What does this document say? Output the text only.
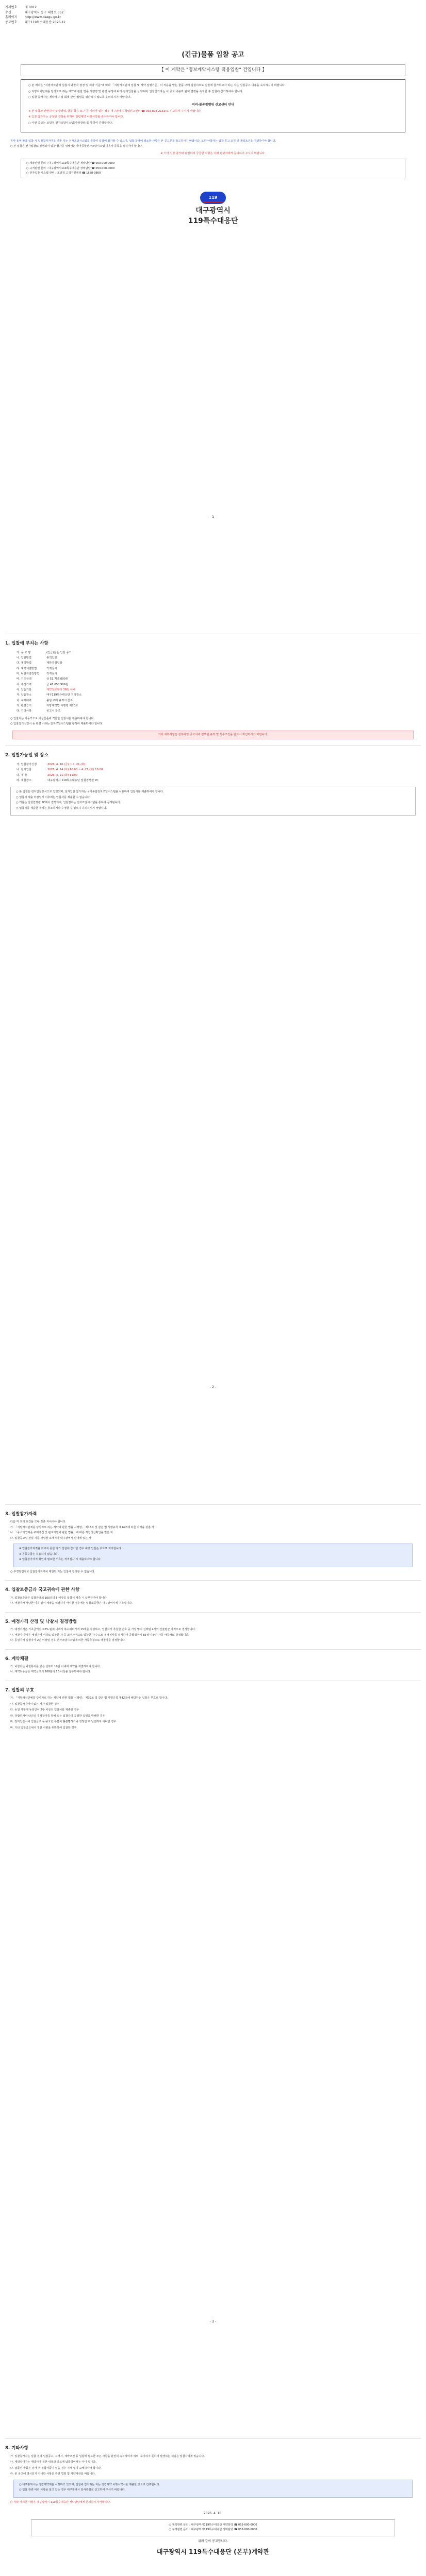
게재번호	제 0012
수신	대구광역시 동구 대명로 352
홈페이지	http://www.daegu.go.kr
공고번호	대구119특수대응단 2026-12
(긴급)물품 입찰 공고
【 이 계약은 "정보계약시스템 적용입찰" 건입니다 】

○ 본 계약은 "지방자치단체 입찰시 낙찰자 결정 및 계약 기준"에 따라 「지방자치단체 입찰 및 계약 집행기준」의 적용을 받는 물품 구매 입찰이므로 입찰에 참가하고자 하는 자는 입찰공고 내용을 숙지하시기 바랍니다.

○ 지방자치단체를 당사자로 하는 계약에 관한 법률 시행령 및 관련 규정에 따라 전자입찰을 실시하며, 입찰참가자는 이 공고 내용과 관계 법령을 숙지한 후 입찰에 참가하여야 합니다.

○ 입찰 참가자는 계약예규 및 회계 관련 법령을 위반하지 않도록 유의하시기 바랍니다.

비리·불공정행위 신고센터 안내

※ 본 입찰과 관련하여 부당행위, 금품·향응 요구 등 비리가 있는 경우 대구광역시 청렴신고센터(☎ 053-803-2131)로 신고하여 주시기 바랍니다.

※ 입찰 참가자는 공정한 경쟁을 위하여 청렴계약 이행서약을 준수하여야 합니다.

○ 이번 공고는 조달청 전자조달시스템(나라장터)을 통하여 진행합니다.

공사·용역·물품 입찰 시 입찰참가자격을 갖춘 자는 전자조달시스템을 통하여 입찰에 참가할 수 있으며, 입찰 참가에 필요한 사항은 본 공고문을 참고하시기 바랍니다. 또한 낙찰자는 입찰 공고 조건 및 계약조건을 이행하여야 합니다.

○ 본 입찰은 전자입찰로 진행되며 입찰 참가를 위해서는 국가종합전자조달시스템 이용자 등록을 필하여야 합니다.

※ 기타 입찰 참가와 관련하여 궁금한 사항은 아래 담당자에게 문의하여 주시기 바랍니다.
○ 계약관련 문의 : 대구광역시119특수대응단 계약담당 ☎ 053-000-0000
○ 규격관련 문의 : 대구광역시119특수대응단 장비담당 ☎ 053-000-0000
○ 전자입찰 시스템 관련 : 조달청 고객지원센터 ☎ 1588-0800
119
대구광역시
119특수대응단
- 1 -
1. 입찰에 부치는 사항
가. 공 고 명	(긴급)물품 입찰 공고
나. 입찰방법	총액입찰
다. 계약방법	제한경쟁입찰
라. 계약체결방법	적격심사
마. 낙찰자결정방법	적격심사
바. 기초금액	금 51,756,000원
사. 추정가격	금 47,050,909원
아. 납품기한	계약일로부터 30일 이내
자. 납품장소	대구119특수대응단 지정장소
차. 구매내역	붙임 구매 규격서 참조
카. 관련근거	지방계약법 시행령 제20조
타. 기타사항	공고서 참조

○ 입찰자는 자동적으로 대상물품에 적합한 입찰서를 제출하여야 합니다.

○ 입찰참가신청서 등 관련 서류는 전자조달시스템을 통하여 제출하여야 합니다.

기타 세부사항은 첨부파일 공고서에 첨부된 규격 및 특수조건을 반드시 확인하시기 바랍니다.
2. 입찰가능일 및 장소
가. 입찰참가신청	2026. 4. 10.(금) ~ 4. 21.(화)
나. 전자입찰	2026. 4. 14.(화) 10:00 ~ 4. 21.(화) 10:00
다. 개 찰	2026. 4. 21.(화) 11:00
라. 개찰장소	대구광역시 119특수대응단 입찰집행관 PC

○ 본 입찰은 전자입찰방식으로 집행되며, 전자입찰 참가자는 국가종합전자조달시스템을 이용하여 입찰서를 제출하여야 합니다.

○ 입찰서 제출 마감일시 이후에는 입찰서를 제출할 수 없습니다.

○ 개찰은 입찰집행관 PC에서 집행되며, 입찰결과는 전자조달시스템을 통하여 공개됩니다.

○ 입찰서를 제출한 후에는 취소하거나 수정할 수 없으니 유의하시기 바랍니다.

- 2 -
3. 입찰참가자격

다음 각 호의 요건을 모두 갖춘 자이어야 합니다.

가. 「지방자치단체를 당사자로 하는 계약에 관한 법률 시행령」 제13조 및 같은 법 시행규칙 제14조에 따른 자격을 갖춘 자

나. 「중소기업제품 구매촉진 및 판로지원에 관한 법률」에 따른 직접생산확인을 받은 자

다. 입찰공고일 전일 기준 사업장 소재지가 대구광역시 관내에 있는 자

※ 입찰참가자격을 갖추지 못한 자가 입찰에 참가한 경우 해당 입찰은 무효로 처리합니다.

※ 공동수급은 허용하지 않습니다.

※ 입찰참가자격 확인에 필요한 서류는 적격심사 시 제출하여야 합니다.

○ 부정당업자로 입찰참가자격이 제한된 자는 입찰에 참가할 수 없습니다.

4. 입찰보증금과 국고귀속에 관한 사항

가. 입찰보증금은 입찰금액의 100분의 5 이상을 입찰서 제출 시 납부하여야 합니다.

나. 낙찰자가 정당한 이유 없이 계약을 체결하지 아니할 경우에는 입찰보증금은 대구광역시에 귀속됩니다.

5. 예정가격 산정 및 낙찰자 결정방법

가. 예정가격은 기초금액의 ±2% 범위 내에서 복수예비가격 15개를 작성하고, 입찰자가 추첨한 번호 중 가장 많이 선택된 4개의 산술평균 가격으로 결정합니다.

나. 낙찰자 결정은 예정가격 이하로 입찰한 자 중 최저가격으로 입찰한 자 순으로 적격심사를 실시하여 종합평점이 85점 이상인 자를 낙찰자로 결정합니다.

다. 동일가격 입찰자가 2인 이상일 경우 전자조달시스템에 의한 자동추첨으로 낙찰자를 결정합니다.

6. 계약체결

가. 낙찰자는 낙찰통지를 받은 날부터 10일 이내에 계약을 체결하여야 합니다.

나. 계약보증금은 계약금액의 100분의 10 이상을 납부하여야 합니다.

7. 입찰의 무효

가. 「지방자치단체를 당사자로 하는 계약에 관한 법률 시행령」 제39조 및 같은 법 시행규칙 제42조에 해당하는 입찰은 무효로 합니다.

나. 입찰참가자격이 없는 자가 입찰한 경우

다. 동일 사항에 동일인이 2통 이상의 입찰서를 제출한 경우

라. 담합하거나 타인의 경쟁참가를 방해 또는 입찰자의 공정한 집행을 방해한 경우

마. 전자입찰서에 입찰금액 등 중요한 부분이 불분명하거나 정정한 후 날인하지 아니한 경우

바. 기타 입찰공고에서 정한 사항을 위반하여 입찰한 경우

- 3 -
8. 기타사항

가. 입찰참가자는 입찰 전에 입찰공고, 규격서, 계약조건 등 입찰에 필요한 모든 사항을 완전히 숙지하여야 하며, 숙지하지 못하여 발생하는 책임은 입찰자에게 있습니다.

나. 계약상대자는 계약서에 정한 내용과 다르게 납품하여서는 아니 됩니다.

다. 납품된 물품은 검사 후 불합격품이 있을 경우 지체 없이 교체하여야 합니다.

라. 본 공고에 명시되지 아니한 사항은 관련 법령 및 계약예규를 따릅니다.

○ 대구광역시는 청렴계약제를 시행하고 있으며, 입찰에 참가하는 자는 청렴계약 이행서약서를 제출한 것으로 간주합니다.

○ 입찰 관련 비리 사항을 알고 있는 경우 대구광역시 감사관실로 신고하여 주시기 바랍니다.

○ 기타 자세한 사항은 대구광역시 119특수대응단 계약담당에게 문의하시기 바랍니다.

2026. 4. 10.
○ 계약관련 문의 : 대구광역시119특수대응단 계약담당 ☎ 053-000-0000
○ 규격관련 문의 : 대구광역시119특수대응단 장비담당 ☎ 053-000-0000
위와 같이 공고합니다.
대구광역시 119특수대응단 (본부)계약관
